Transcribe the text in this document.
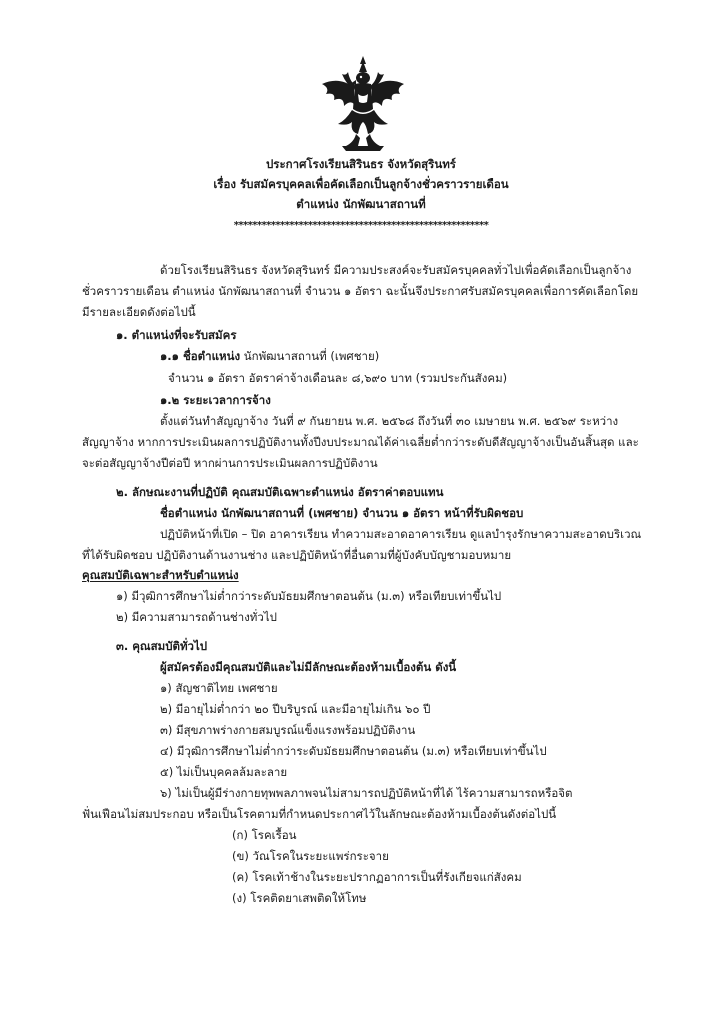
ประกาศโรงเรียนสิรินธร จังหวัดสุรินทร์
เรื่อง รับสมัครบุคคลเพื่อคัดเลือกเป็นลูกจ้างชั่วคราวรายเดือน
ตำแหน่ง นักพัฒนาสถานที่
*******************************************************
ด้วยโรงเรียนสิรินธร จังหวัดสุรินทร์ มีความประสงค์จะรับสมัครบุคคลทั่วไปเพื่อคัดเลือกเป็นลูกจ้าง
ชั่วคราวรายเดือน ตำแหน่ง นักพัฒนาสถานที่ จำนวน ๑ อัตรา ฉะนั้นจึงประกาศรับสมัครบุคคลเพื่อการคัดเลือกโดย
มีรายละเอียดดังต่อไปนี้
๑. ตำแหน่งที่จะรับสมัคร
๑.๑ ชื่อตำแหน่ง นักพัฒนาสถานที่ (เพศชาย)
จำนวน ๑ อัตรา อัตราค่าจ้างเดือนละ ๘,๖๙๐ บาท (รวมประกันสังคม)
๑.๒ ระยะเวลาการจ้าง
ตั้งแต่วันทำสัญญาจ้าง วันที่ ๙ กันยายน พ.ศ. ๒๕๖๘ ถึงวันที่ ๓๐ เมษายน พ.ศ. ๒๕๖๙ ระหว่าง
สัญญาจ้าง หากการประเมินผลการปฏิบัติงานทั้งปีงบประมาณได้ค่าเฉลี่ยต่ำกว่าระดับดีสัญญาจ้างเป็นอันสิ้นสุด และ
จะต่อสัญญาจ้างปีต่อปี หากผ่านการประเมินผลการปฏิบัติงาน
๒. ลักษณะงานที่ปฏิบัติ คุณสมบัติเฉพาะตำแหน่ง อัตราค่าตอบแทน
ชื่อตำแหน่ง นักพัฒนาสถานที่ (เพศชาย) จำนวน ๑ อัตรา หน้าที่รับผิดชอบ
ปฏิบัติหน้าที่เปิด – ปิด อาคารเรียน ทำความสะอาดอาคารเรียน ดูแลบำรุงรักษาความสะอาดบริเวณ
ที่ได้รับผิดชอบ ปฏิบัติงานด้านงานช่าง และปฏิบัติหน้าที่อื่นตามที่ผู้บังคับบัญชามอบหมาย
คุณสมบัติเฉพาะสำหรับตำแหน่ง
๑) มีวุฒิการศึกษาไม่ต่ำกว่าระดับมัธยมศึกษาตอนต้น (ม.๓) หรือเทียบเท่าขึ้นไป
๒) มีความสามารถด้านช่างทั่วไป
๓. คุณสมบัติทั่วไป
ผู้สมัครต้องมีคุณสมบัติและไม่มีลักษณะต้องห้ามเบื้องต้น ดังนี้
๑) สัญชาติไทย เพศชาย
๒) มีอายุไม่ต่ำกว่า ๒๐ ปีบริบูรณ์ และมีอายุไม่เกิน ๖๐ ปี
๓) มีสุขภาพร่างกายสมบูรณ์แข็งแรงพร้อมปฏิบัติงาน
๔) มีวุฒิการศึกษาไม่ต่ำกว่าระดับมัธยมศึกษาตอนต้น (ม.๓) หรือเทียบเท่าขึ้นไป
๕) ไม่เป็นบุคคลล้มละลาย
๖) ไม่เป็นผู้มีร่างกายทุพพลภาพจนไม่สามารถปฏิบัติหน้าที่ได้ ไร้ความสามารถหรือจิต
ฟั่นเฟือนไม่สมประกอบ หรือเป็นโรคตามที่กำหนดประกาศไว้ในลักษณะต้องห้ามเบื้องต้นดังต่อไปนี้
(ก) โรคเรื้อน
(ข) วัณโรคในระยะแพร่กระจาย
(ค) โรคเท้าช้างในระยะปรากฏอาการเป็นที่รังเกียจแก่สังคม
(ง) โรคติดยาเสพติดให้โทษ
